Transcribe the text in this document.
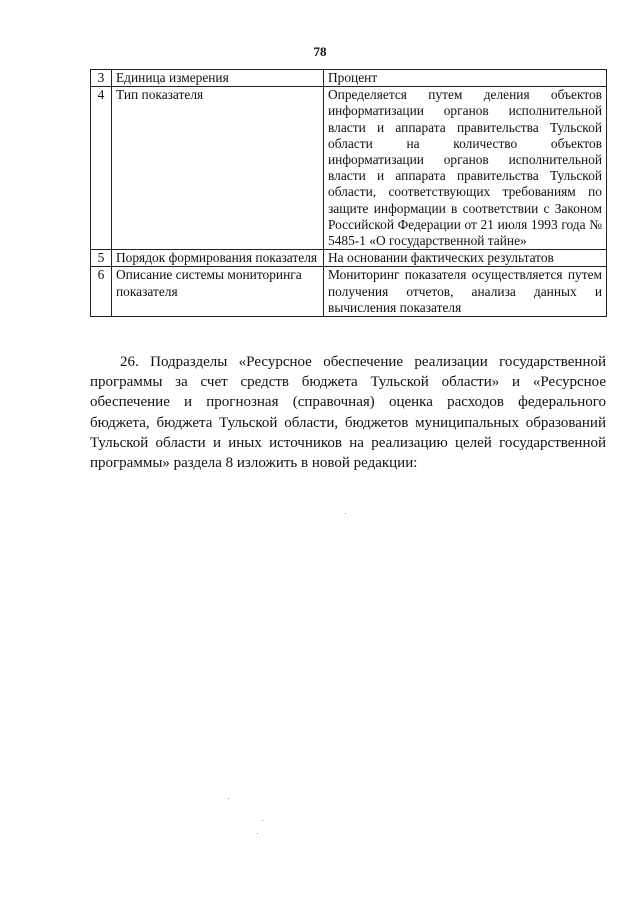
78
3	Единица измерения	Процент
4	Тип показателя	Определяется путем деления объектов информатизации органов исполнительной власти и аппарата правительства Тульской области на количество объектов информатизации органов исполнительной власти и аппарата правительства Тульской области, соответствующих требованиям по защите информации в соответствии с Законом Российской Федерации от 21 июля 1993 года № 5485-1 «О государственной тайне»
5	Порядок формирования показателя	На основании фактических результатов
6	Описание системы мониторинга показателя	Мониторинг показателя осуществляется путем получения отчетов, анализа данных и вычисления показателя

26. Подразделы «Ресурсное обеспечение реализации государственной программы за счет средств бюджета Тульской области» и «Ресурсное обеспечение и прогнозная (справочная) оценка расходов федерального бюджета, бюджета Тульской области, бюджетов муниципальных образований Тульской области и иных источников на реализацию целей государственной программы» раздела 8 изложить в новой редакции:
